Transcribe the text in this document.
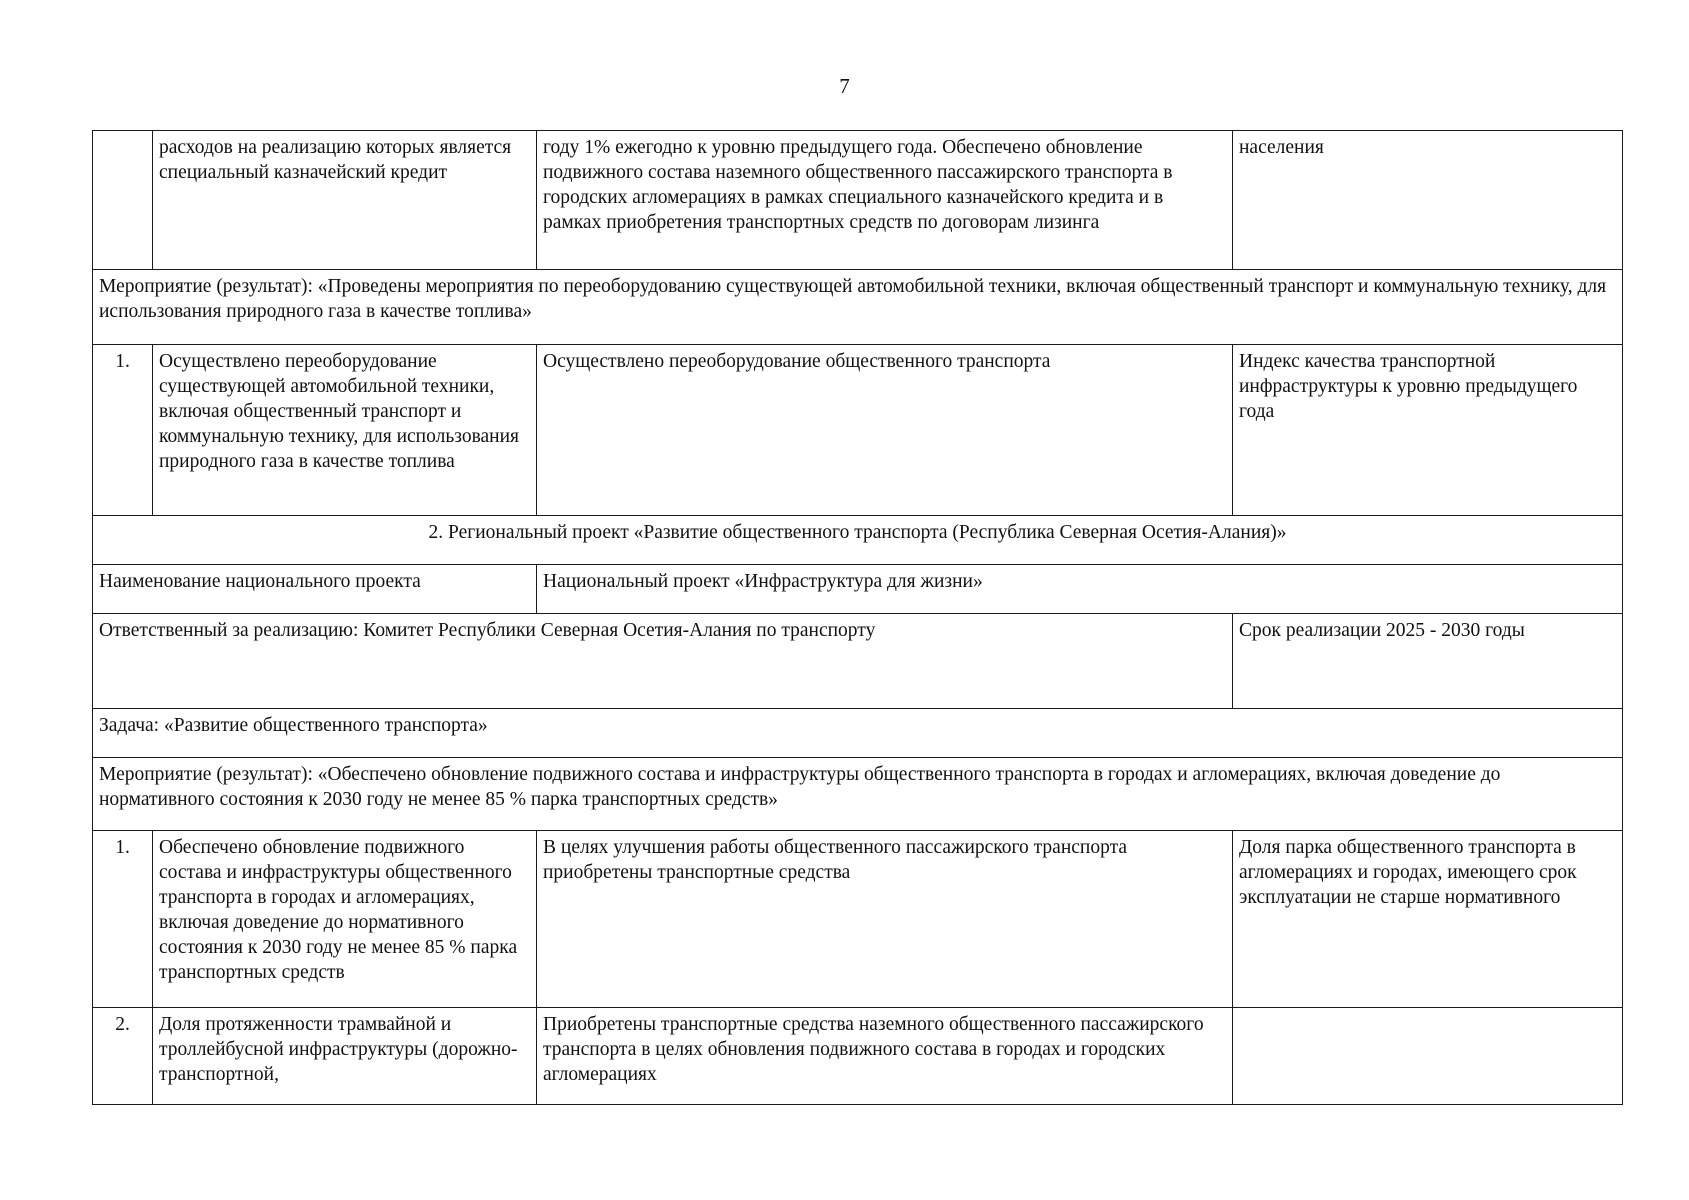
7
	расходов на реализацию которых является специальный казначейский кредит	году 1% ежегодно к уровню предыдущего года. Обеспечено обновление подвижного состава наземного общественного пассажирского транспорта в городских агломерациях в рамках специального казначейского кредита и в рамках приобретения транспортных средств по договорам лизинга	населения
Мероприятие (результат): «Проведены мероприятия по переоборудованию существующей автомобильной техники, включая общественный транспорт и коммунальную технику, для использования природного газа в качестве топлива»			
1.	Осуществлено переоборудование существующей автомобильной техники, включая общественный транспорт и коммунальную технику, для использования природного газа в качестве топлива	Осуществлено переоборудование общественного транспорта	Индекс качества транспортной инфраструктуры к уровню предыдущего года
2. Региональный проект «Развитие общественного транспорта (Республика Северная Осетия-Алания)»			
Наименование национального проекта		Национальный проект «Инфраструктура для жизни»	
Ответственный за реализацию: Комитет Республики Северная Осетия-Алания по транспорту			Срок реализации 2025 - 2030 годы
Задача: «Развитие общественного транспорта»			
Мероприятие (результат): «Обеспечено обновление подвижного состава и инфраструктуры общественного транспорта в городах и агломерациях, включая доведение до нормативного состояния к 2030 году не менее 85 % парка транспортных средств»			
1.	Обеспечено обновление подвижного состава и инфраструктуры общественного транспорта в городах и агломерациях, включая доведение до нормативного состояния к 2030 году не менее 85 % парка транспортных средств	В целях улучшения работы общественного пассажирского транспорта приобретены транспортные средства	Доля парка общественного транспорта в агломерациях и городах, имеющего срок эксплуатации не старше нормативного
2.	Доля протяженности трамвайной и троллейбусной инфраструктуры (дорожно-транспортной,	Приобретены транспортные средства наземного общественного пассажирского транспорта в целях обновления подвижного состава в городах и городских агломерациях	
